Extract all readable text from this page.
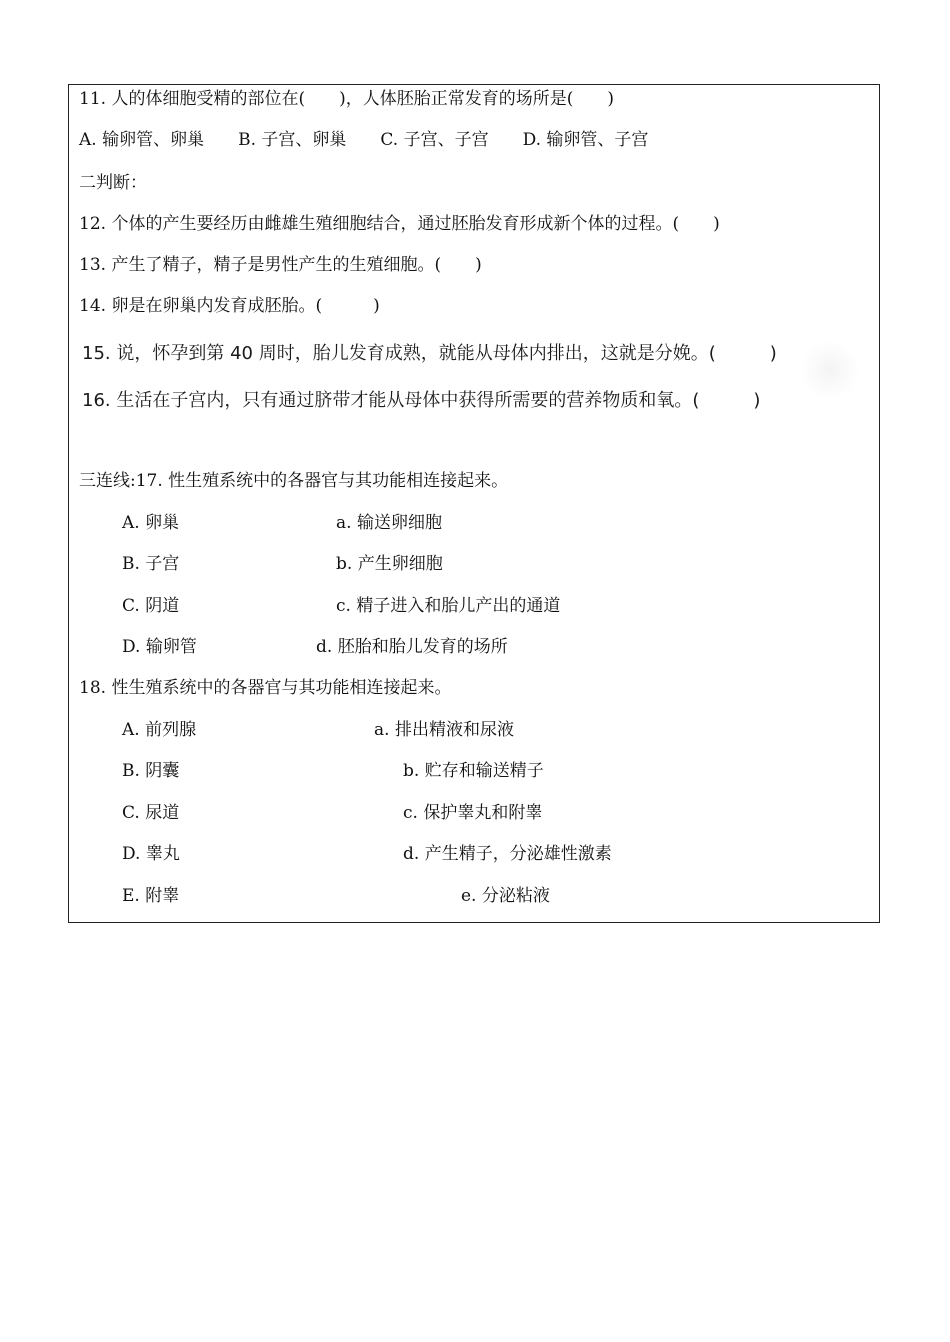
11. 人的体细胞受精的部位在(　　)，人体胚胎正常发育的场所是(　　)
A. 输卵管、卵巢　　B. 子宫、卵巢　　C. 子宫、子宫　　D. 输卵管、子宫
二判断：
12. 个体的产生要经历由雌雄生殖细胞结合，通过胚胎发育形成新个体的过程。(　　)
13. 产生了精子，精子是男性产生的生殖细胞。(　　)
14. 卵是在卵巢内发育成胚胎。(　　　)
15. 说，怀孕到第 40 周时，胎儿发育成熟，就能从母体内排出，这就是分娩。(　　　)
16. 生活在子宫内，只有通过脐带才能从母体中获得所需要的营养物质和氧。(　　　)
三连线:17. 性生殖系统中的各器官与其功能相连接起来。
A. 卵巢	a. 输送卵细胞
B. 子宫	b. 产生卵细胞
C. 阴道	c. 精子进入和胎儿产出的通道
D. 输卵管	d. 胚胎和胎儿发育的场所
18. 性生殖系统中的各器官与其功能相连接起来。
A. 前列腺	a. 排出精液和尿液
B. 阴囊	b. 贮存和输送精子
C. 尿道	c. 保护睾丸和附睾
D. 睾丸	d. 产生精子，分泌雄性激素
E. 附睾	e. 分泌粘液
